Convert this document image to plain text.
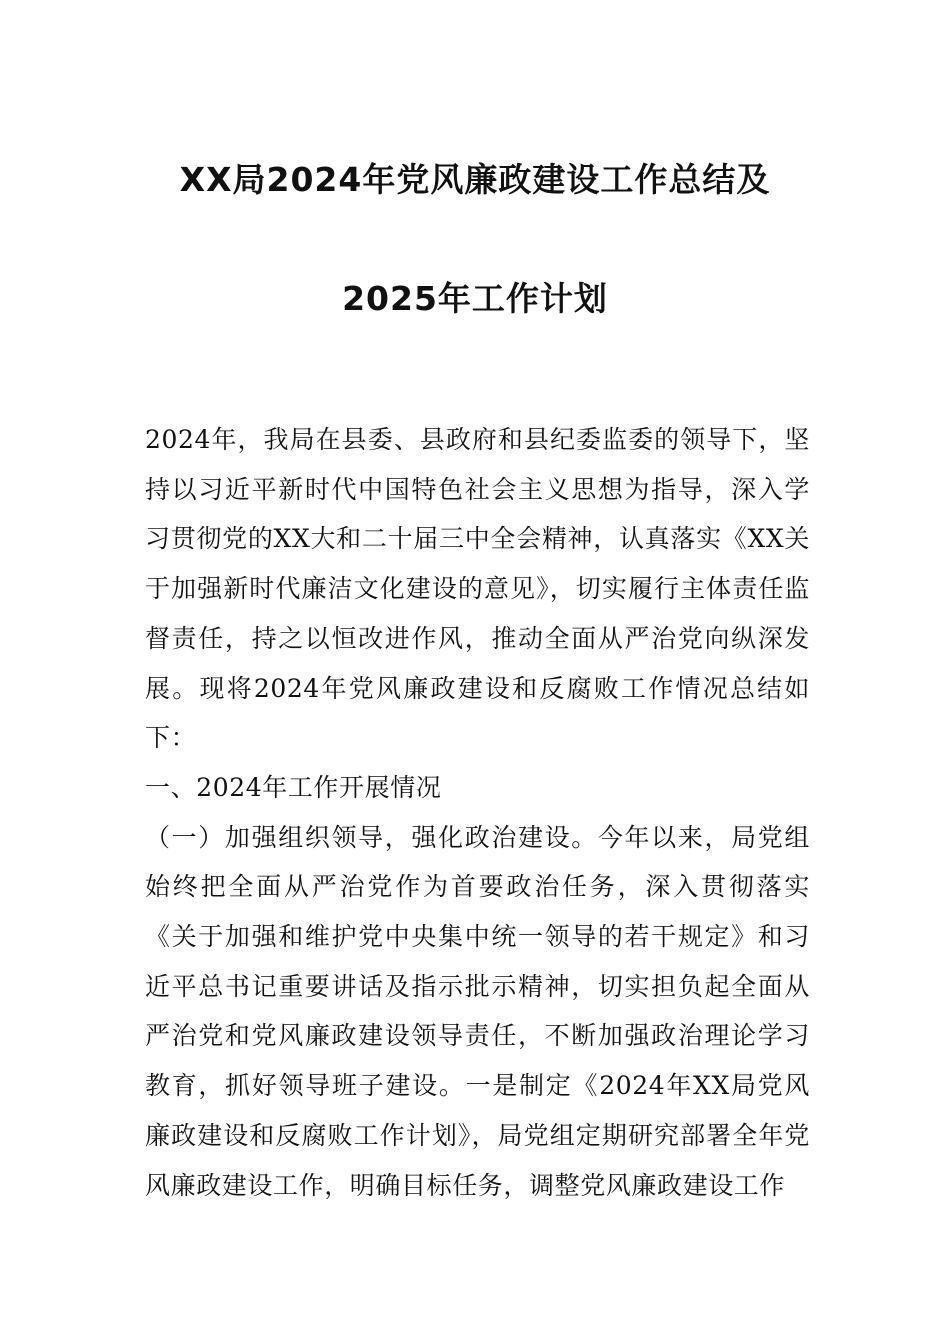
XX局2024年党风廉政建设工作总结及
2025年工作计划

2024年，我局在县委、县政府和县纪委监委的领导下，坚持以习近平新时代中国特色社会主义思想为指导，深入学习贯彻党的XX大和二十届三中全会精神，认真落实《XX关于加强新时代廉洁文化建设的意见》，切实履行主体责任监督责任，持之以恒改进作风，推动全面从严治党向纵深发展。现将2024年党风廉政建设和反腐败工作情况总结如下：

一、2024年工作开展情况

（一）加强组织领导，强化政治建设。今年以来，局党组始终把全面从严治党作为首要政治任务，深入贯彻落实《关于加强和维护党中央集中统一领导的若干规定》和习近平总书记重要讲话及指示批示精神，切实担负起全面从严治党和党风廉政建设领导责任，不断加强政治理论学习教育，抓好领导班子建设。一是制定《2024年XX局党风廉政建设和反腐败工作计划》，局党组定期研究部署全年党风廉政建设工作，明确目标任务，调整党风廉政建设工作
